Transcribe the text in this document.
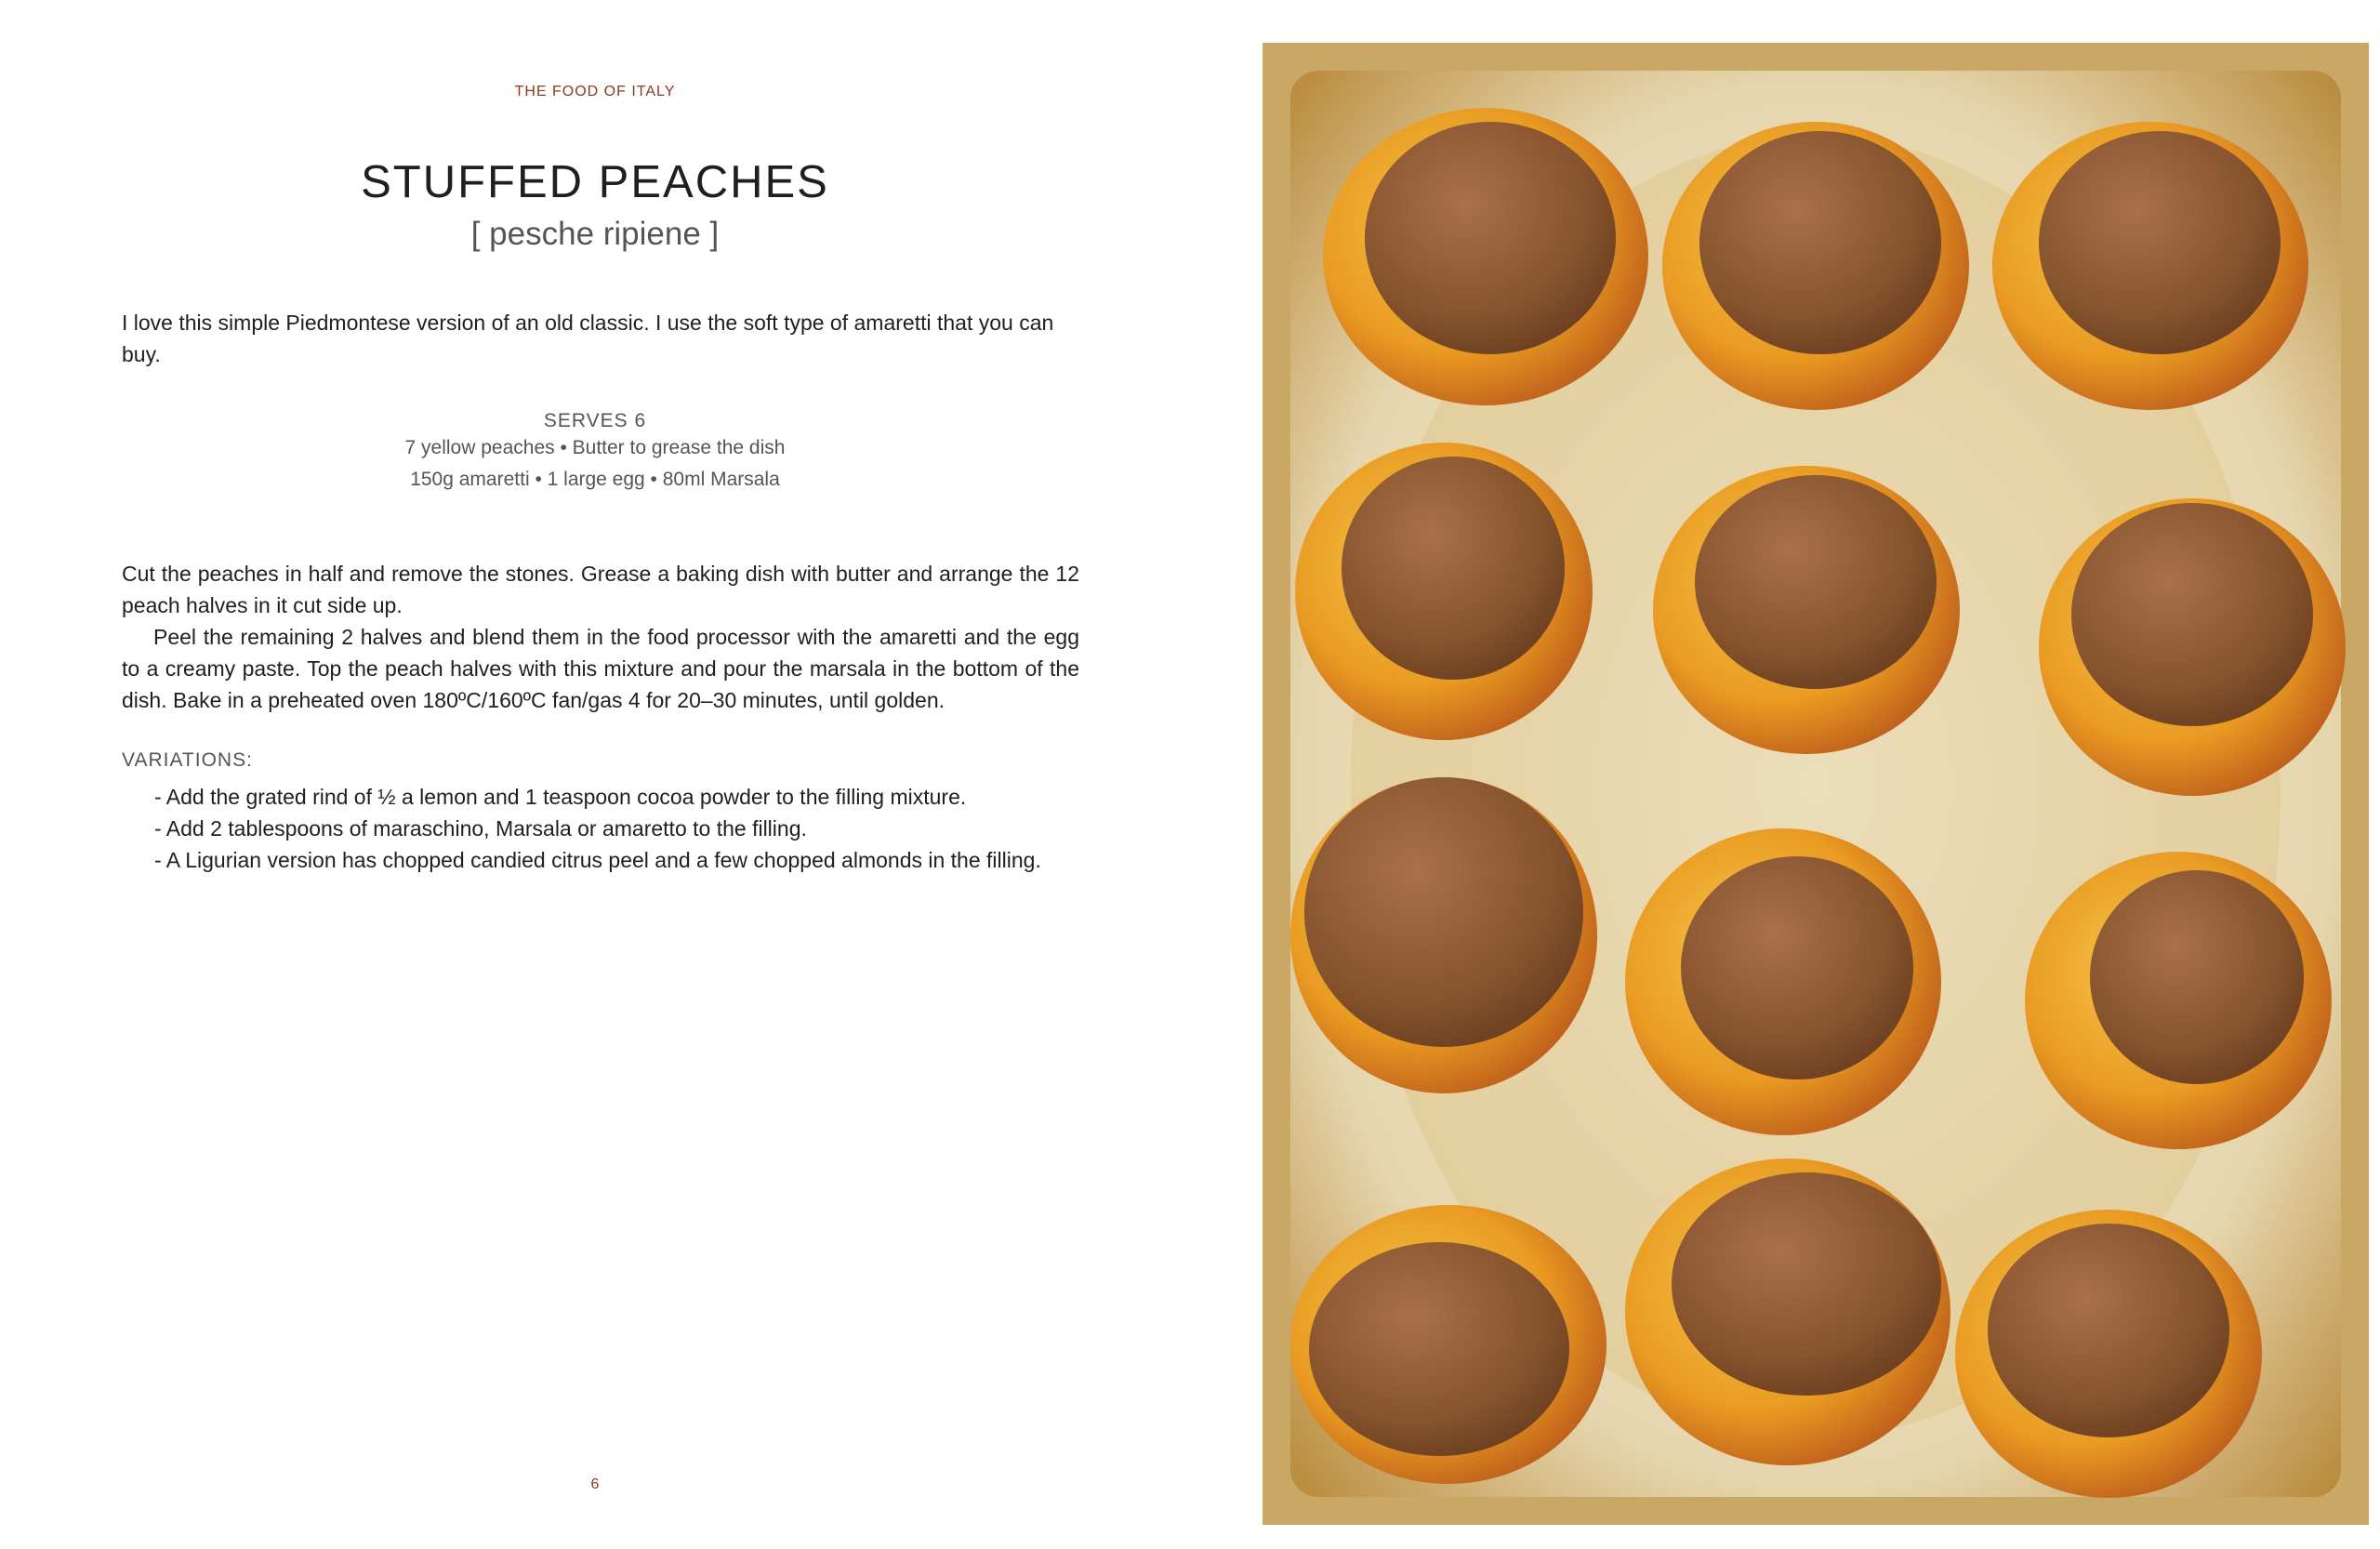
THE FOOD OF ITALY
STUFFED PEACHES
[ pesche ripiene ]
I love this simple Piedmontese version of an old classic. I use the soft type of amaretti that you can buy.
SERVES 6
7 yellow peaches • Butter to grease the dish
150g amaretti • 1 large egg • 80ml Marsala

Cut the peaches in half and remove the stones. Grease a baking dish with butter and arrange the 12 peach halves in it cut side up.

Peel the remaining 2 halves and blend them in the food processor with the amaretti and the egg to a creamy paste. Top the peach halves with this mixture and pour the marsala in the bottom of the dish. Bake in a preheated oven 180ºC/160ºC fan/gas 4 for 20–30 minutes, until golden.

VARIATIONS:
- Add the grated rind of ½ a lemon and 1 teaspoon cocoa powder to the filling mixture.
- Add 2 tablespoons of maraschino, Marsala or amaretto to the filling.
- A Ligurian version has chopped candied citrus peel and a few chopped almonds in the filling.
6
